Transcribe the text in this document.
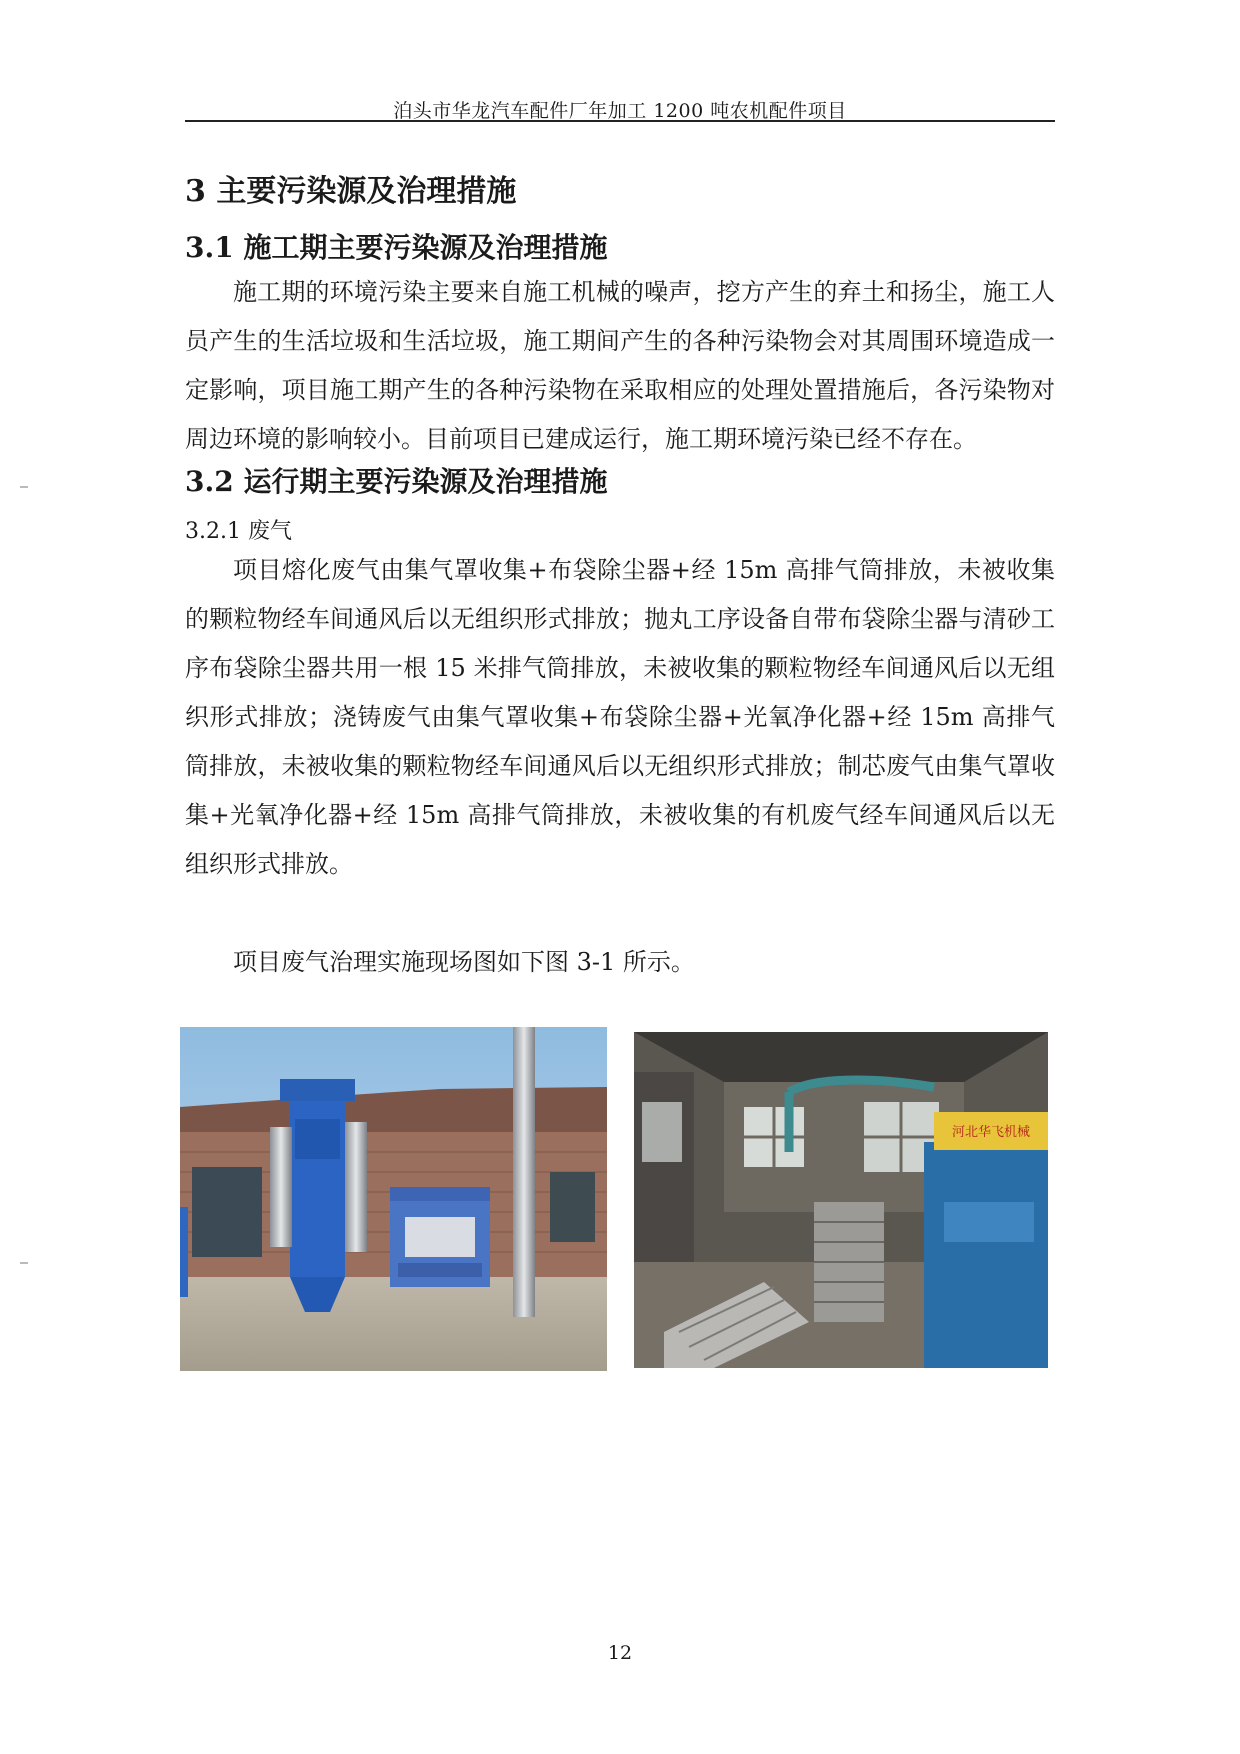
泊头市华龙汽车配件厂年加工 1200 吨农机配件项目
3 主要污染源及治理措施
3.1 施工期主要污染源及治理措施

施工期的环境污染主要来自施工机械的噪声，挖方产生的弃土和扬尘，施工人员产生的生活垃圾和生活垃圾，施工期间产生的各种污染物会对其周围环境造成一定影响，项目施工期产生的各种污染物在采取相应的处理处置措施后，各污染物对周边环境的影响较小。目前项目已建成运行，施工期环境污染已经不存在。

3.2 运行期主要污染源及治理措施
3.2.1 废气

项目熔化废气由集气罩收集+布袋除尘器+经 15m 高排气筒排放，未被收集的颗粒物经车间通风后以无组织形式排放；抛丸工序设备自带布袋除尘器与清砂工序布袋除尘器共用一根 15 米排气筒排放，未被收集的颗粒物经车间通风后以无组织形式排放；浇铸废气由集气罩收集+布袋除尘器+光氧净化器+经 15m 高排气筒排放，未被收集的颗粒物经车间通风后以无组织形式排放；制芯废气由集气罩收集+光氧净化器+经 15m 高排气筒排放，未被收集的有机废气经车间通风后以无组织形式排放。

项目废气治理实施现场图如下图 3-1 所示。

河北华飞机械
12
